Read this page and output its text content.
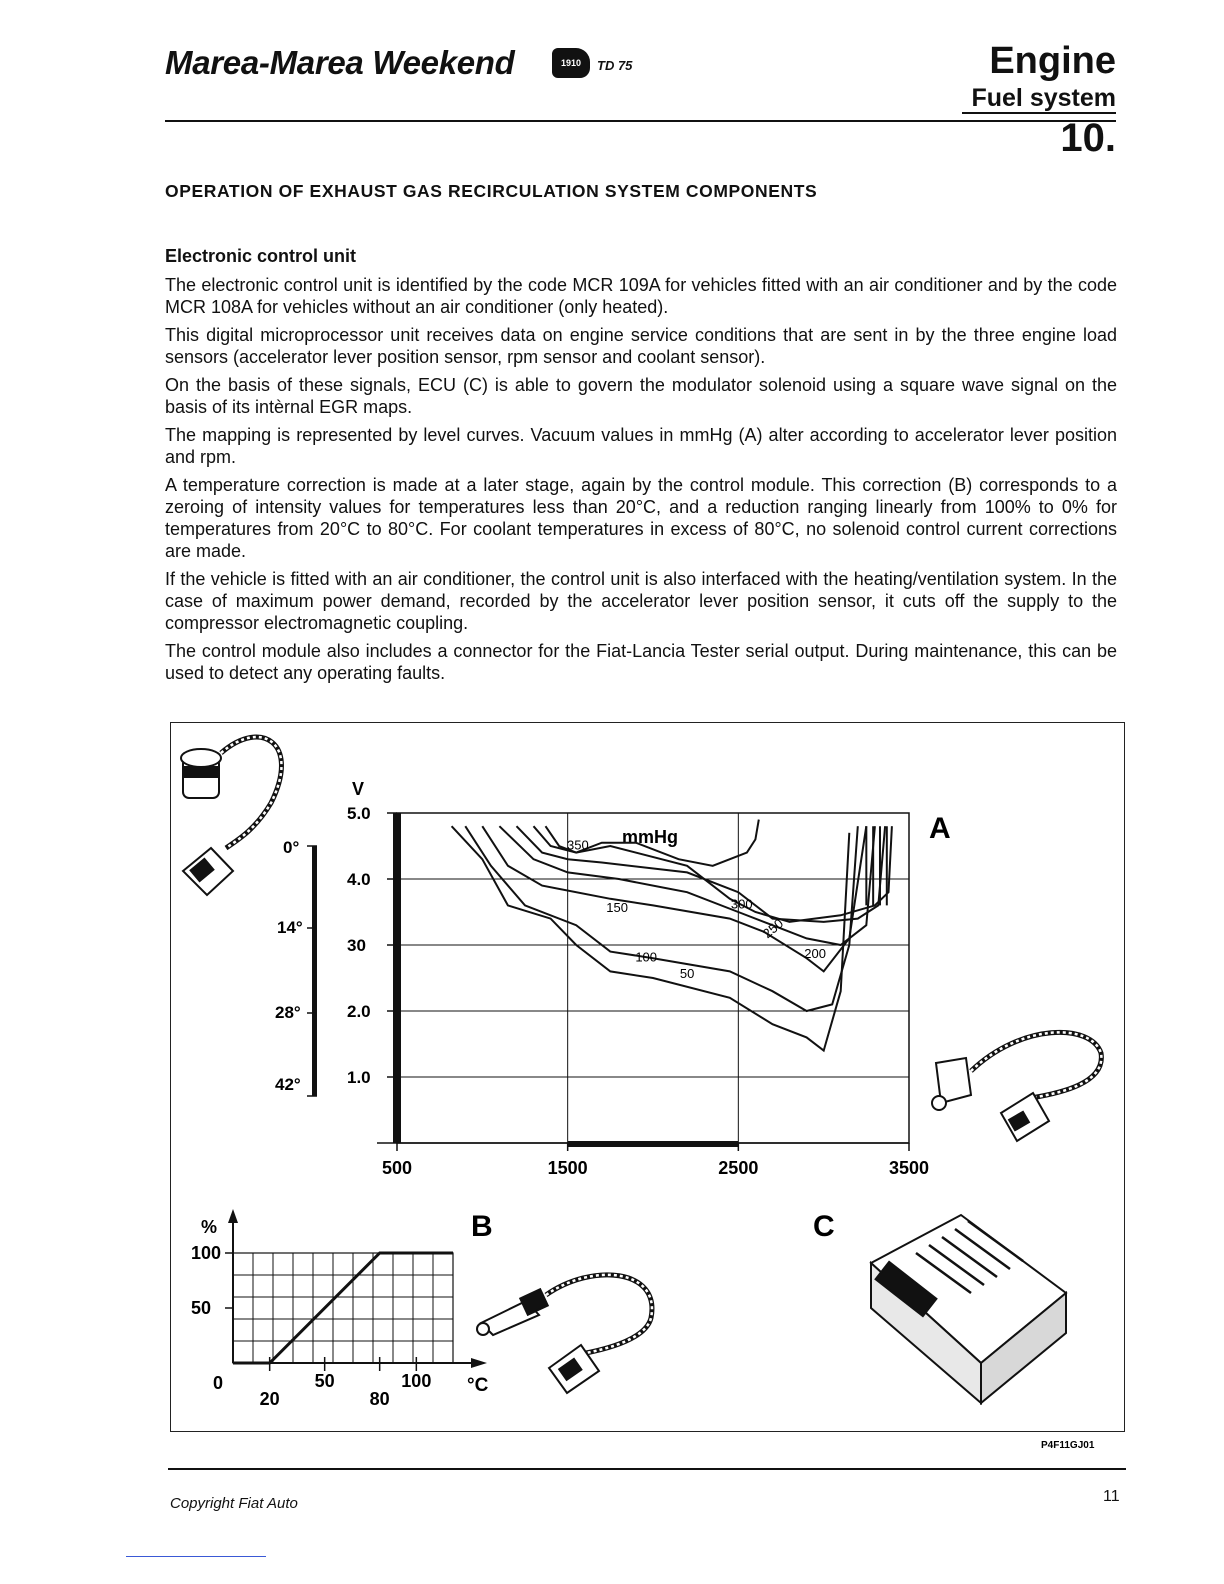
Marea-Marea Weekend	1910	TD 75	Engine
Fuel system
10.
OPERATION OF EXHAUST GAS RECIRCULATION SYSTEM COMPONENTS
Electronic control unit

The electronic control unit is identified by the code MCR 109A for vehicles fitted with an air conditioner and by the code MCR 108A for vehicles without an air conditioner (only heated).

This digital microprocessor unit receives data on engine service conditions that are sent in by the three engine load sensors (accelerator lever position sensor, rpm sensor and coolant sensor).

On the basis of these signals, ECU (C) is able to govern the modulator solenoid using a square wave signal on the basis of its intèrnal EGR maps.

The mapping is represented by level curves. Vacuum values in mmHg (A) alter according to accelerator lever position and rpm.

A temperature correction is made at a later stage, again by the control module. This correction (B) corresponds to a zeroing of intensity values for temperatures less than 20°C, and a reduction ranging linearly from 100% to 0% for temperatures from 20°C to 80°C. For coolant temperatures in excess of 80°C, no solenoid control current corrections are made.

If the vehicle is fitted with an air conditioner, the control unit is also interfaced with the heating/ventilation system. In the case of maximum power demand, recorded by the accelerator lever position sensor, it cuts off the supply to the compressor electromagnetic coupling.

The control module also includes a connector for the Fiat-Lancia Tester serial output. During maintenance, this can be used to detect any operating faults.

0°
14°
28°
42°
V
mmHg
5.0
4.0
30
2.0
1.0
500	1500	2500	3500
350
300
250
200
150
100
50
A
%
100
50
0
20
50
80
100 °C
B	C
P4F11GJ01
Copyright Fiat Auto	11
